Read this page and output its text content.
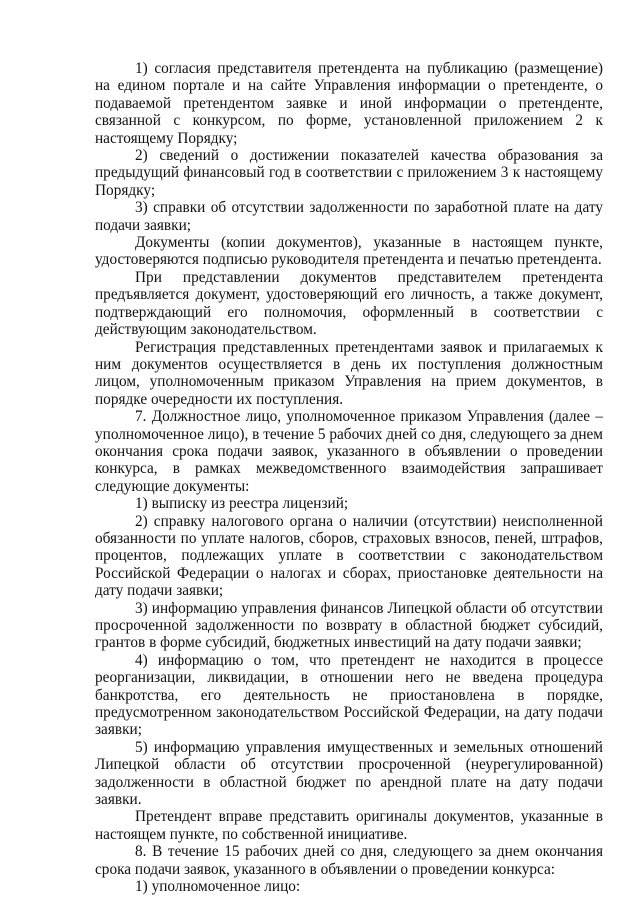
1) согласия представителя претендента на публикацию (размещение) на едином портале и на сайте Управления информации о претенденте, о подаваемой претендентом заявке и иной информации о претенденте, связанной с конкурсом, по форме, установленной приложением 2 к настоящему Порядку;

2) сведений о достижении показателей качества образования за предыдущий финансовый год в соответствии с приложением 3 к настоящему Порядку;

3) справки об отсутствии задолженности по заработной плате на дату подачи заявки;

Документы (копии документов), указанные в настоящем пункте, удостоверяются подписью руководителя претендента и печатью претендента.

При представлении документов представителем претендента предъявляется документ, удостоверяющий его личность, а также документ, подтверждающий его полномочия, оформленный в соответствии с действующим законодательством.

Регистрация представленных претендентами заявок и прилагаемых к ним документов осуществляется в день их поступления должностным лицом, уполномоченным приказом Управления на прием документов, в порядке очередности их поступления.

7. Должностное лицо, уполномоченное приказом Управления (далее – уполномоченное лицо), в течение 5 рабочих дней со дня, следующего за днем окончания срока подачи заявок, указанного в объявлении о проведении конкурса, в рамках межведомственного взаимодействия запрашивает следующие документы:

1) выписку из реестра лицензий;

2) справку налогового органа о наличии (отсутствии) неисполненной обязанности по уплате налогов, сборов, страховых взносов, пеней, штрафов, процентов, подлежащих уплате в соответствии с законодательством Российской Федерации о налогах и сборах, приостановке деятельности на дату подачи заявки;

3) информацию управления финансов Липецкой области об отсутствии просроченной задолженности по возврату в областной бюджет субсидий, грантов в форме субсидий, бюджетных инвестиций на дату подачи заявки;

4) информацию о том, что претендент не находится в процессе реорганизации, ликвидации, в отношении него не введена процедура банкротства, его деятельность не приостановлена в порядке, предусмотренном законодательством Российской Федерации, на дату подачи заявки;

5) информацию управления имущественных и земельных отношений Липецкой области об отсутствии просроченной (неурегулированной) задолженности в областной бюджет по арендной плате на дату подачи заявки.

Претендент вправе представить оригиналы документов, указанные в настоящем пункте, по собственной инициативе.

8. В течение 15 рабочих дней со дня, следующего за днем окончания срока подачи заявок, указанного в объявлении о проведении конкурса:

1) уполномоченное лицо:
